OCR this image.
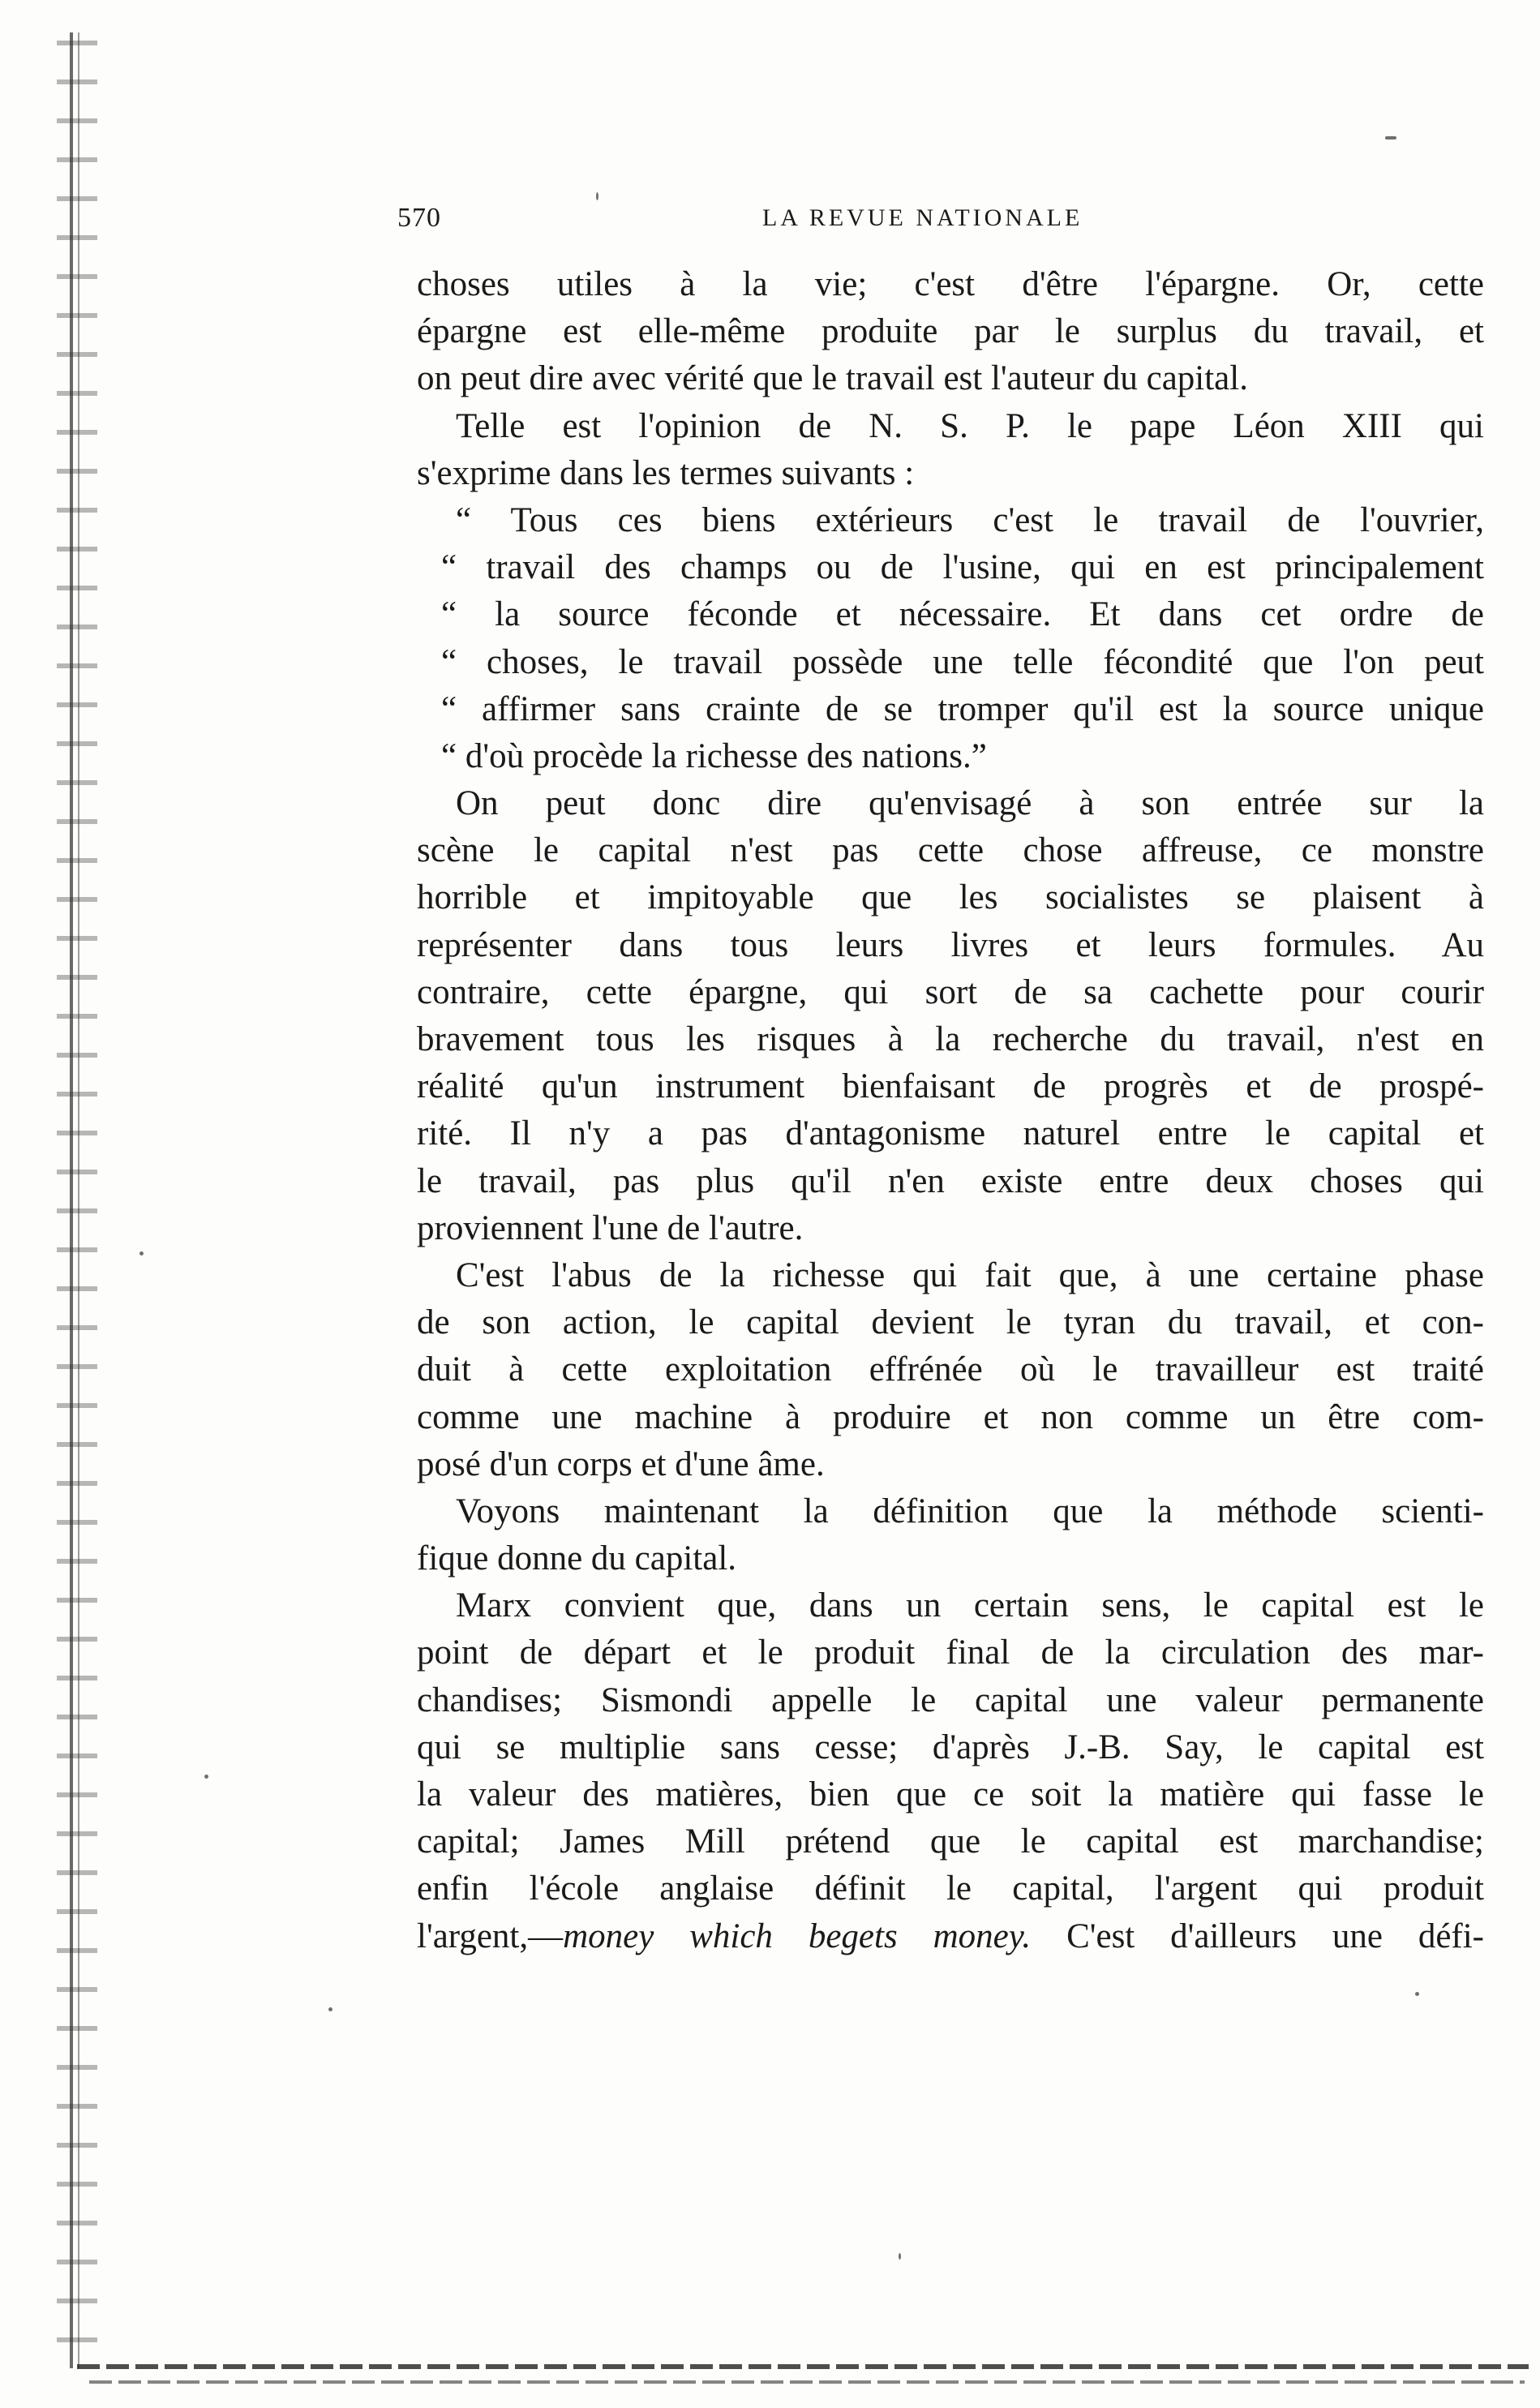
570	LA REVUE NATIONALE
choses utiles à la vie; c'est d'être l'épargne. Or, cette
épargne est elle-même produite par le surplus du travail, et
on peut dire avec vérité que le travail est l'auteur du capital.
Telle est l'opinion de N. S. P. le pape Léon XIII qui
s'exprime dans les termes suivants :
“ Tous ces biens extérieurs c'est le travail de l'ouvrier,
“ travail des champs ou de l'usine, qui en est principalement
“ la source féconde et nécessaire. Et dans cet ordre de
“ choses, le travail possède une telle fécondité que l'on peut
“ affirmer sans crainte de se tromper qu'il est la source unique
“ d'où procède la richesse des nations.”
On peut donc dire qu'envisagé à son entrée sur la
scène le capital n'est pas cette chose affreuse, ce monstre
horrible et impitoyable que les socialistes se plaisent à
représenter dans tous leurs livres et leurs formules. Au
contraire, cette épargne, qui sort de sa cachette pour courir
bravement tous les risques à la recherche du travail, n'est en
réalité qu'un instrument bienfaisant de progrès et de prospé-
rité. Il n'y a pas d'antagonisme naturel entre le capital et
le travail, pas plus qu'il n'en existe entre deux choses qui
proviennent l'une de l'autre.
C'est l'abus de la richesse qui fait que, à une certaine phase
de son action, le capital devient le tyran du travail, et con-
duit à cette exploitation effrénée où le travailleur est traité
comme une machine à produire et non comme un être com-
posé d'un corps et d'une âme.
Voyons maintenant la définition que la méthode scienti-
fique donne du capital.
Marx convient que, dans un certain sens, le capital est le
point de départ et le produit final de la circulation des mar-
chandises; Sismondi appelle le capital une valeur permanente
qui se multiplie sans cesse; d'après J.-B. Say, le capital est
la valeur des matières, bien que ce soit la matière qui fasse le
capital; James Mill prétend que le capital est marchandise;
enfin l'école anglaise définit le capital, l'argent qui produit
l'argent,—money which begets money. C'est d'ailleurs une défi-
